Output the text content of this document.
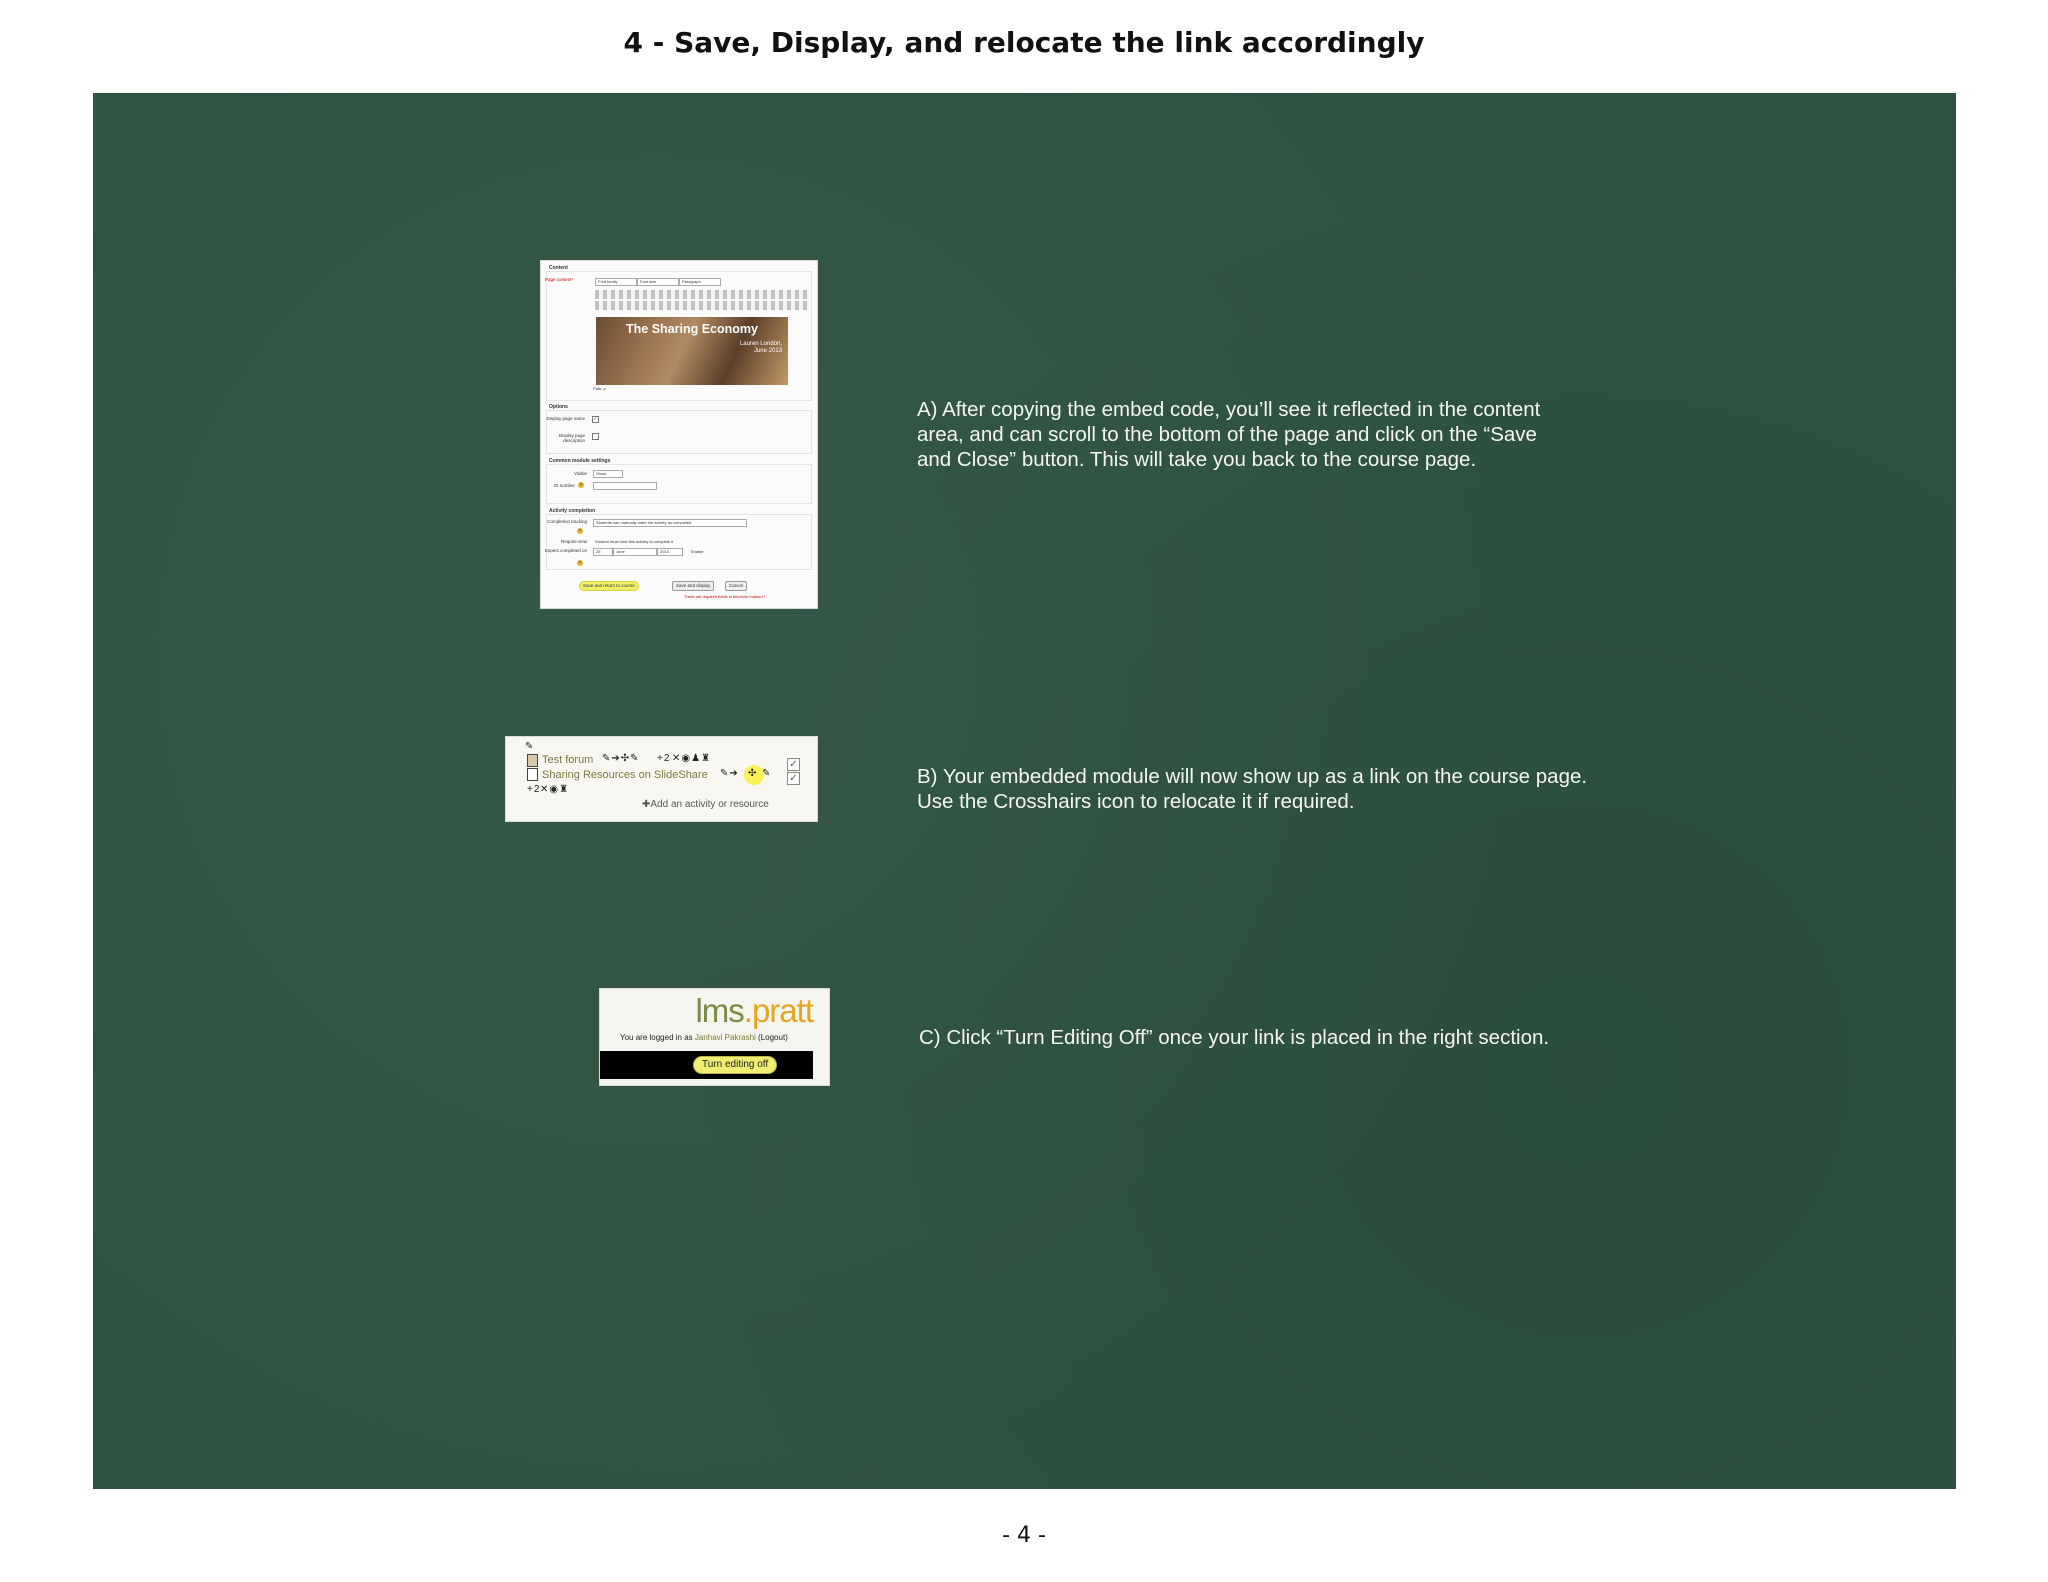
4 - Save, Display, and relocate the link accordingly
A) After copying the embed code, you’ll see it reflected in the content area, and can scroll to the bottom of the page and click on the “Save and Close” button. This will take you back to the course page.
B) Your embedded module will now show up as a link on the course page. Use the Crosshairs icon to relocate it if required.
C) Click “Turn Editing Off” once your link is placed in the right section.
Content
Page content*	Font family	Font size	Paragraph
The Sharing Economy
Lauren London,
June 2013
Path: p
Options
Display page name ✓
Display page description
Common module settings
Visible	Show
ID number	?
Activity completion
Completion tracking
?
Students can manually mark the activity as completed
Require view Student must view this activity to complete it
Expect completed on
?
25	June	2013	Enable
Save and return to course	Save and display	Cancel
There are required fields in this form marked *.
✎
Test forum ✎➔✣✎ +2 ✕◉♟♜
Sharing Resources on SlideShare ✎➔ ✣ ✎
+2 ✕◉♜
✓
✓
✚Add an activity or resource
lms.pratt
You are logged in as Janhavi Pakrashi (Logout)
Turn editing off
- 4 -
